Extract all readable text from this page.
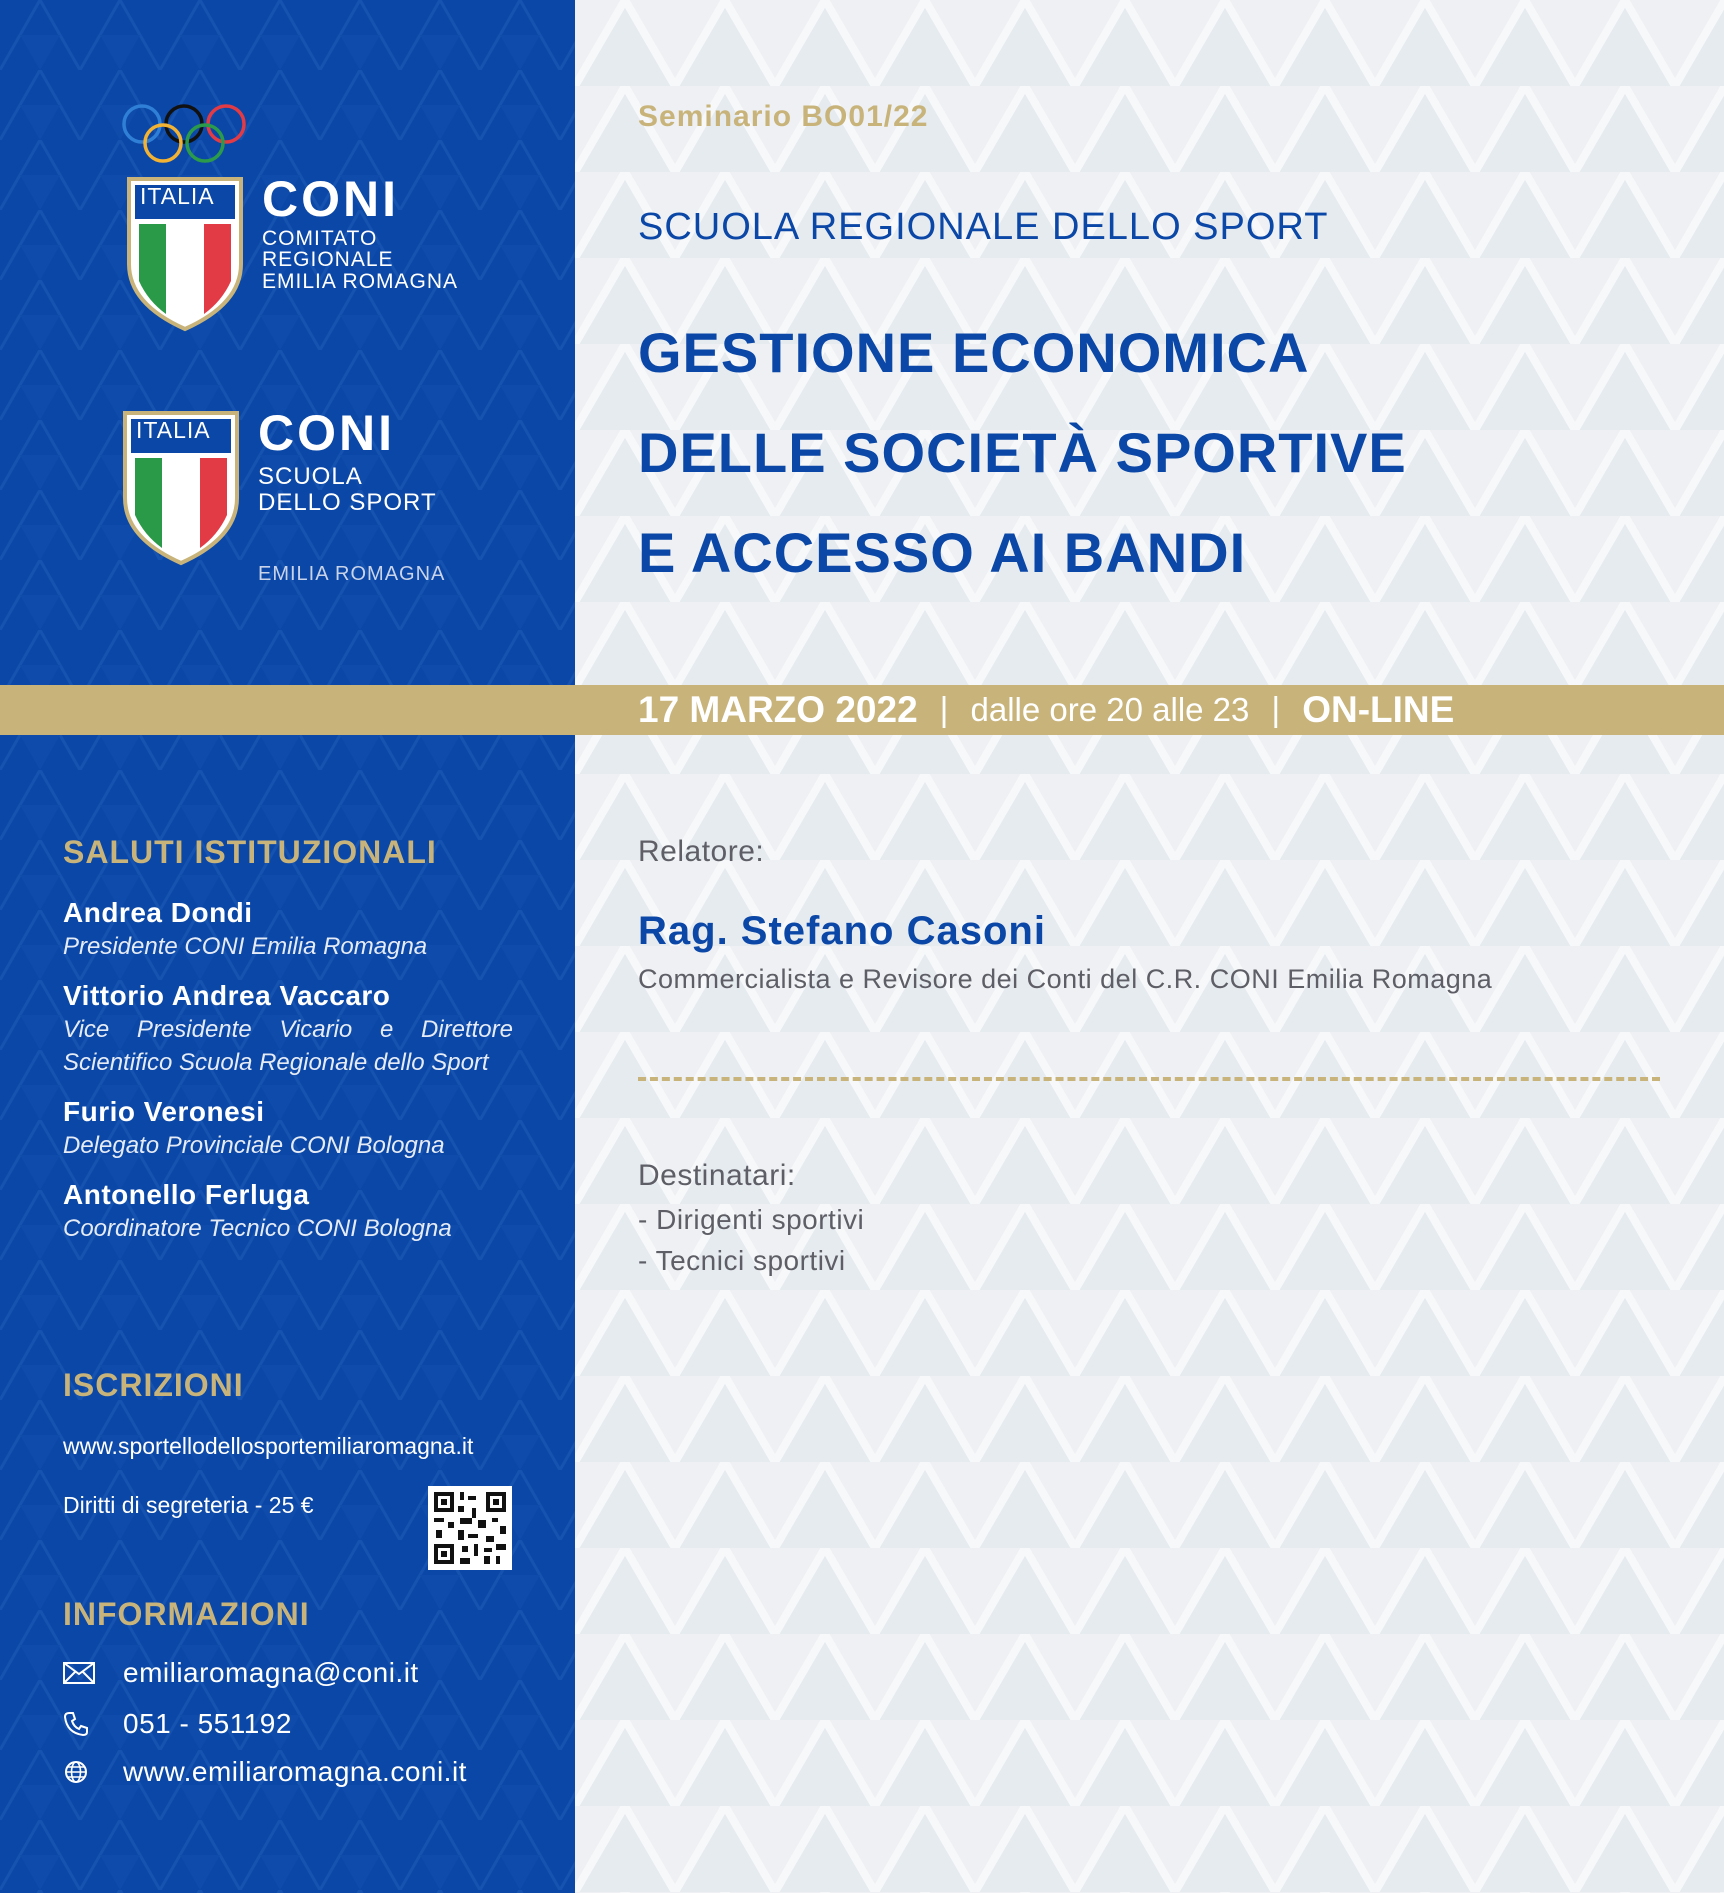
ITALIA CONI
COMITATO
REGIONALE
EMILIA ROMAGNA
ITALIA CONI
SCUOLA
DELLO SPORT
EMILIA ROMAGNA
SALUTI ISTITUZIONALI
Andrea Dondi
Presidente CONI Emilia Romagna
Vittorio Andrea Vaccaro
Vice Presidente Vicario e Direttore Scientifico Scuola Regionale dello Sport
Furio Veronesi
Delegato Provinciale CONI Bologna
Antonello Ferluga
Coordinatore Tecnico CONI Bologna
ISCRIZIONI
www.sportellodellosportemiliaromagna.it
Diritti di segreteria - 25 €
INFORMAZIONI
emiliaromagna@coni.it
051 - 551192
www.emiliaromagna.coni.it
Seminario BO01/22
SCUOLA REGIONALE DELLO SPORT
GESTIONE ECONOMICA
DELLE SOCIETÀ SPORTIVE
E ACCESSO AI BANDI
17 MARZO 2022 | dalle ore 20 alle 23 | ON-LINE
Relatore:
Rag. Stefano Casoni
Commercialista e Revisore dei Conti del C.R. CONI Emilia Romagna
Destinatari:
- Dirigenti sportivi
- Tecnici sportivi
